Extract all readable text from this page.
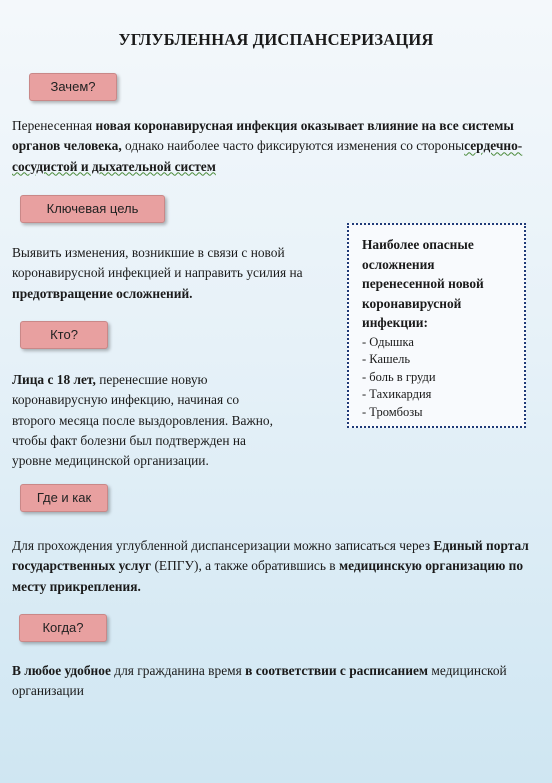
УГЛУБЛЕННАЯ ДИСПАНСЕРИЗАЦИЯ
Зачем?
Перенесенная новая коронавирусная инфекция оказывает влияние на все системы органов человека, однако наиболее часто фиксируются изменения со сторонысердечно-сосудистой и дыхательной систем
Ключевая цель
Выявить изменения, возникшие в связи с новой коронавирусной инфекцией и направить усилия на предотвращение осложнений.
Кто?
Лица с 18 лет, перенесшие новую коронавирусную инфекцию, начиная со второго месяца после выздоровления. Важно, чтобы факт болезни был подтвержден на уровне медицинской организации.
Наиболее опасные осложнения перенесенной новой коронавирусной инфекции:
- Одышка
- Кашель
- боль в груди
- Тахикардия
- Тромбозы
Где и как
Для прохождения углубленной диспансеризации можно записаться через Единый портал государственных услуг (ЕПГУ), а также обратившись в медицинскую организацию по месту прикрепления.
Когда?
В любое удобное для гражданина время в соответствии с расписанием медицинской организации
